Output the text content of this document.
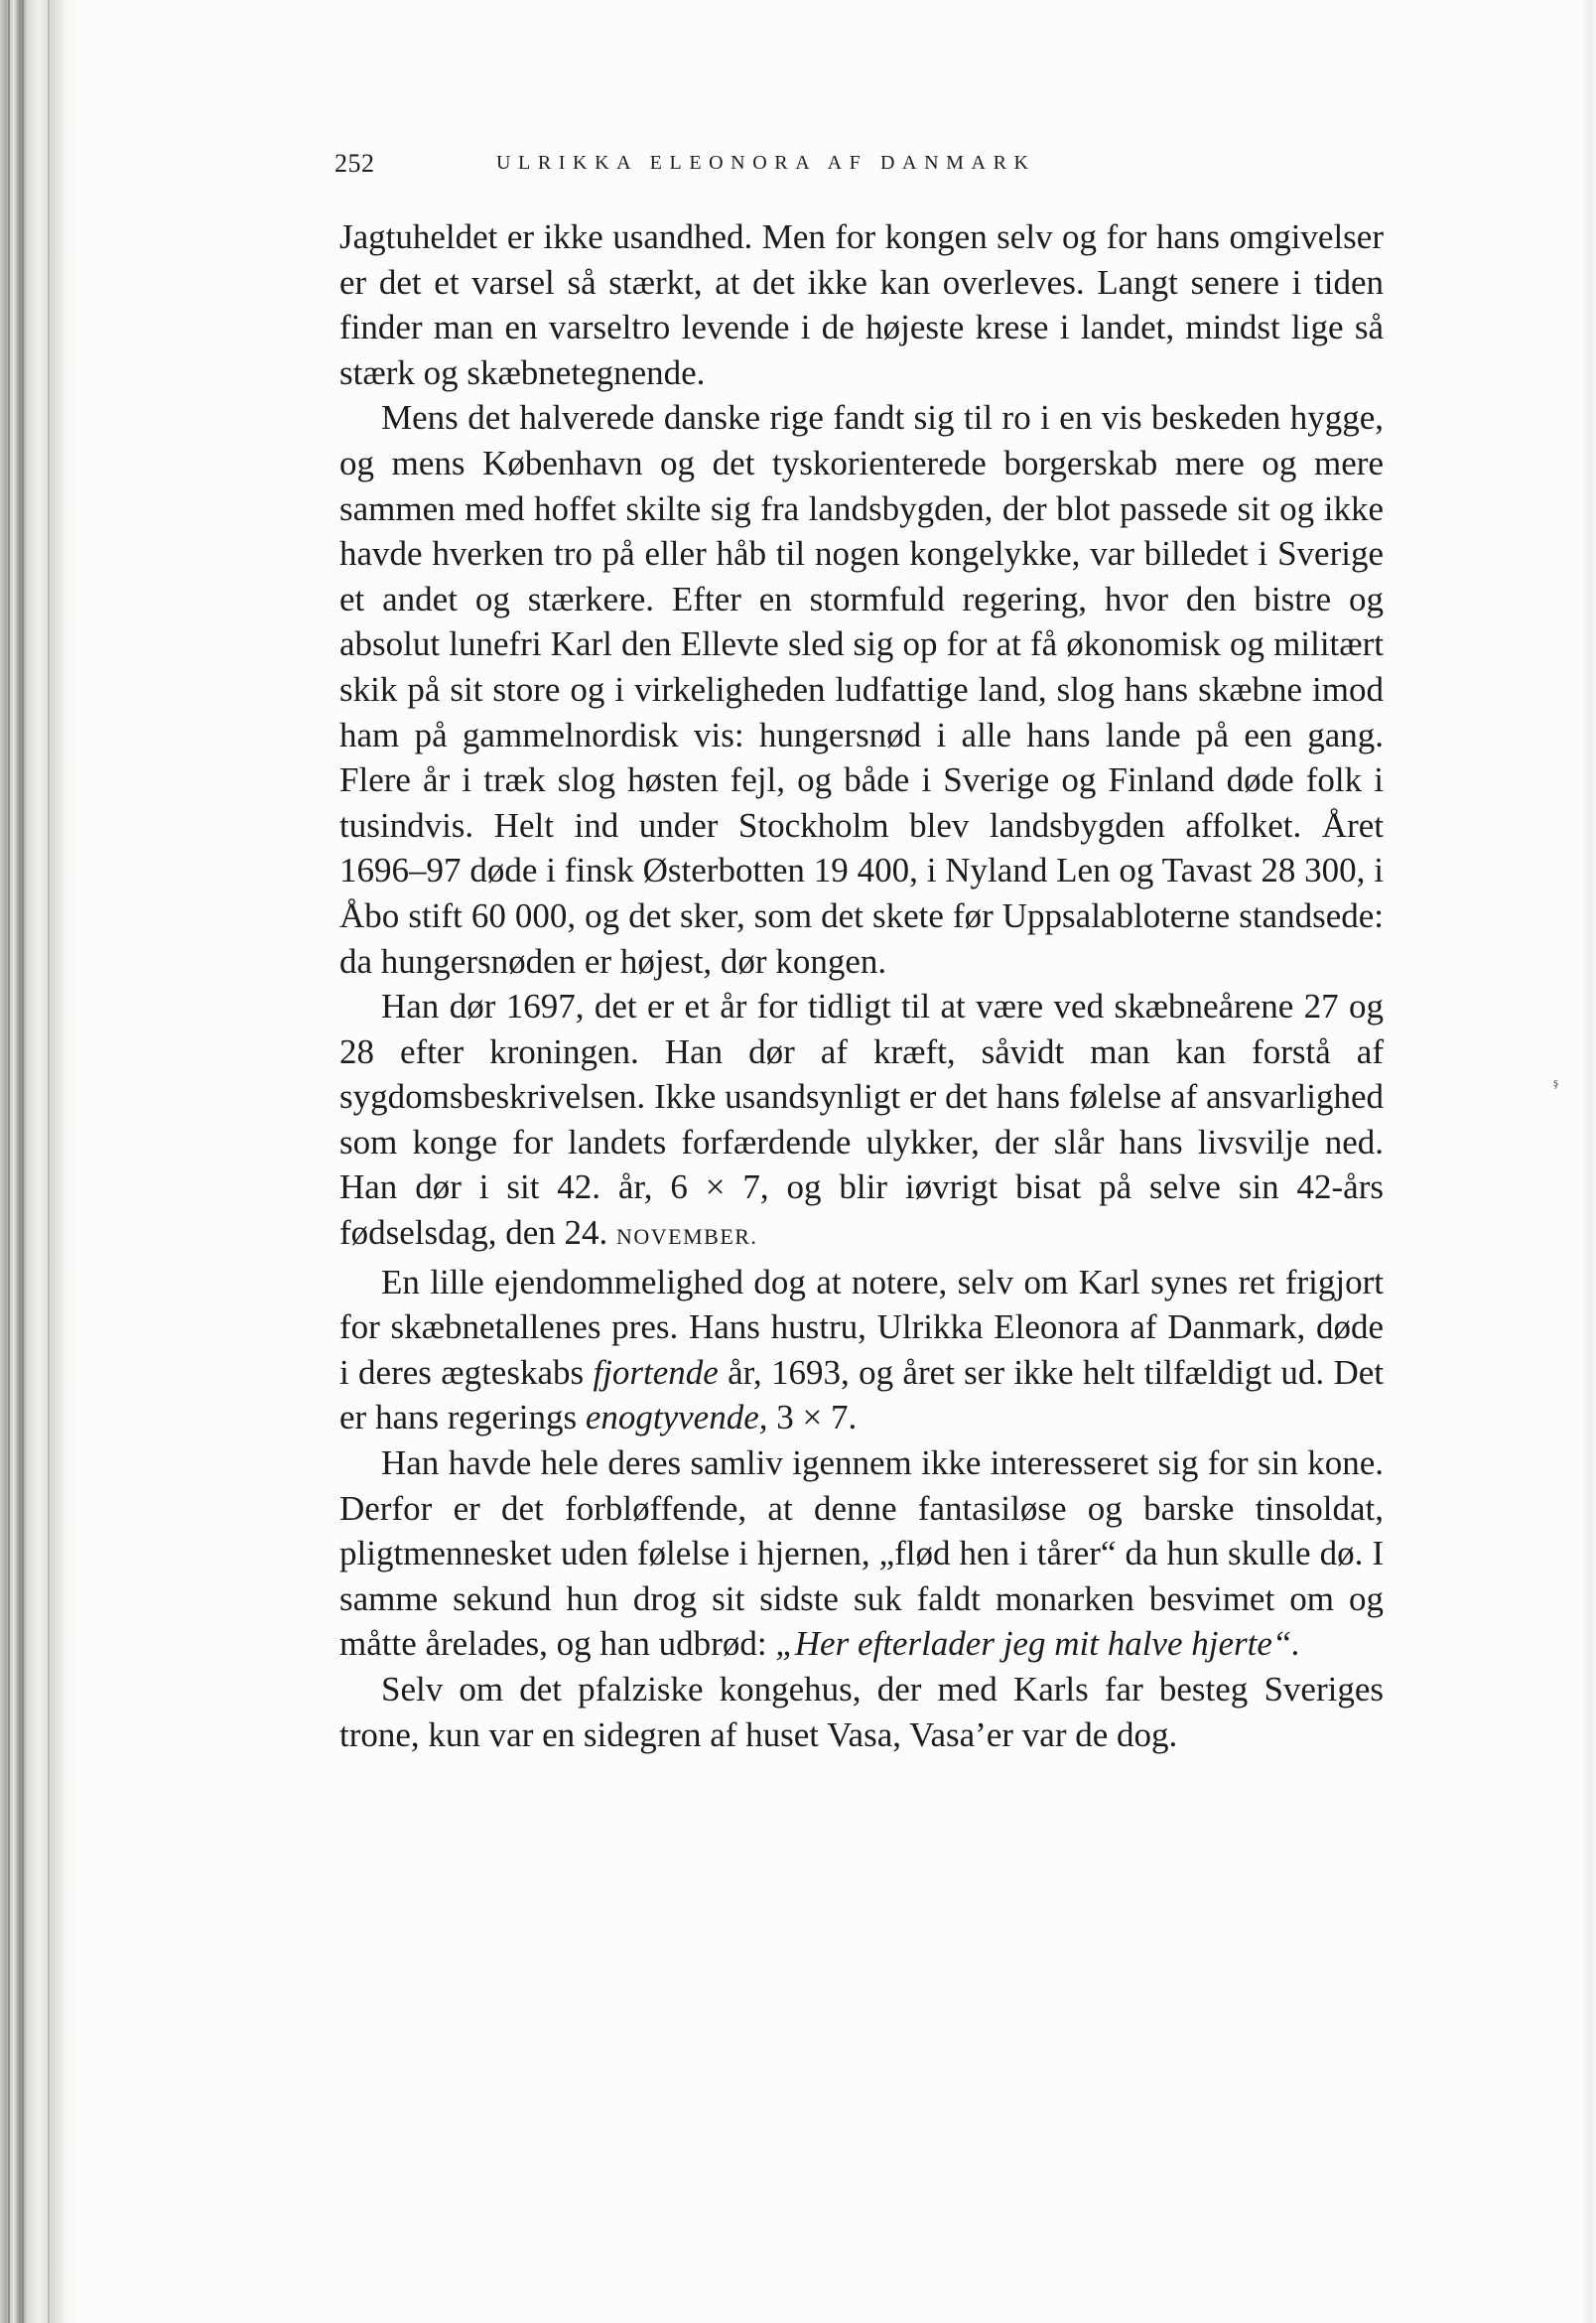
ş
252	ULRIKKA ELEONORA AF DANMARK

Jagtuheldet er ikke usandhed. Men for kongen selv og for hans omgivelser er det et varsel så stærkt, at det ikke kan overleves. Langt senere i tiden finder man en varseltro levende i de højeste krese i landet, mindst lige så stærk og skæbnetegnende.

Mens det halverede danske rige fandt sig til ro i en vis beskeden hygge, og mens København og det tyskorienterede borgerskab mere og mere sammen med hoffet skilte sig fra landsbygden, der blot passede sit og ikke havde hverken tro på eller håb til nogen kongelykke, var billedet i Sverige et andet og stærkere. Efter en stormfuld regering, hvor den bistre og absolut lunefri Karl den Ellevte sled sig op for at få økonomisk og militært skik på sit store og i virkeligheden ludfattige land, slog hans skæbne imod ham på gammelnordisk vis: hungersnød i alle hans lande på een gang. Flere år i træk slog høsten fejl, og både i Sverige og Finland døde folk i tusindvis. Helt ind under Stockholm blev landsbygden affolket. Året 1696–97 døde i finsk Østerbotten 19 400, i Nyland Len og Tavast 28 300, i Åbo stift 60 000, og det sker, som det skete før Uppsalabloterne standsede: da hungersnøden er højest, dør kongen.

Han dør 1697, det er et år for tidligt til at være ved skæbneårene 27 og 28 efter kroningen. Han dør af kræft, såvidt man kan forstå af sygdomsbeskrivelsen. Ikke usandsynligt er det hans følelse af ansvarlighed som konge for landets forfærdende ulykker, der slår hans livsvilje ned. Han dør i sit 42. år, 6 × 7, og blir iøvrigt bisat på selve sin 42-års fødselsdag, den 24. NOVEMBER.

En lille ejendommelighed dog at notere, selv om Karl synes ret frigjort for skæbnetallenes pres. Hans hustru, Ulrikka Eleonora af Danmark, døde i deres ægteskabs fjortende år, 1693, og året ser ikke helt tilfældigt ud. Det er hans regerings enogtyvende, 3 × 7.

Han havde hele deres samliv igennem ikke interesseret sig for sin kone. Derfor er det forbløffende, at denne fantasiløse og barske tinsoldat, pligtmennesket uden følelse i hjernen, „flød hen i tårer“ da hun skulle dø. I samme sekund hun drog sit sidste suk faldt monarken besvimet om og måtte årelades, og han udbrød: „Her efterlader jeg mit halve hjerte“.

Selv om det pfalziske kongehus, der med Karls far besteg Sveriges trone, kun var en sidegren af huset Vasa, Vasa’er var de dog.
